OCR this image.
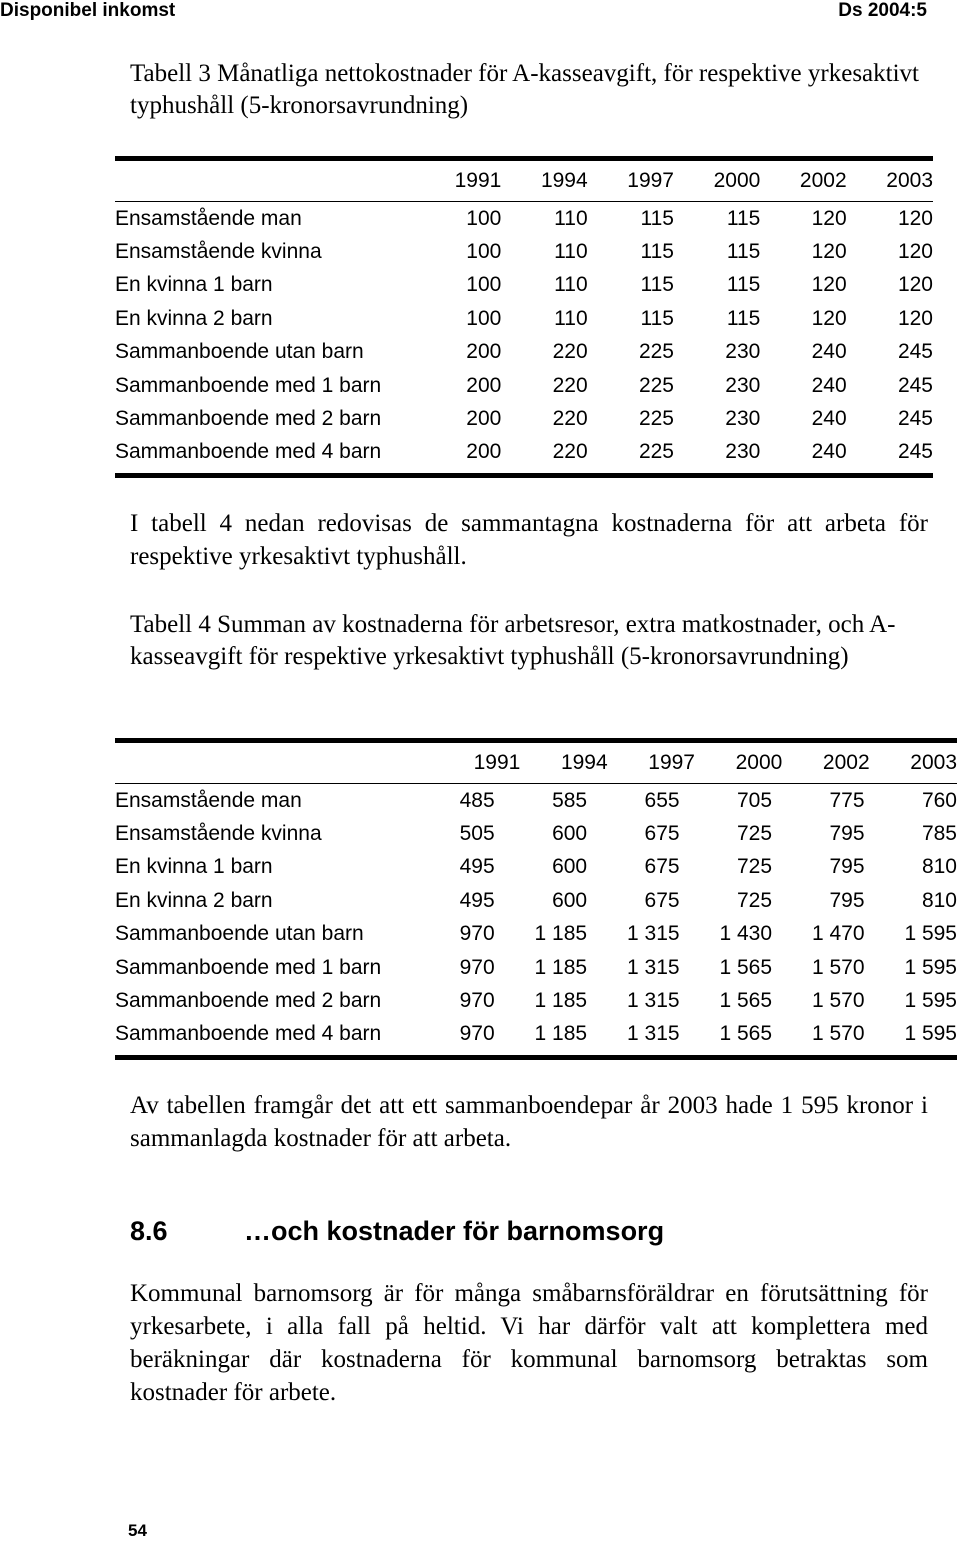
Disponibel inkomst	Ds 2004:5
Tabell 3 Månatliga nettokostnader för A-kasseavgift, för respektive yrkesaktivt typhushåll (5-kronorsavrundning)
	1991	1994	1997	2000	2002	2003
Ensamstående man	100	110	115	115	120	120
Ensamstående kvinna	100	110	115	115	120	120
En kvinna 1 barn	100	110	115	115	120	120
En kvinna 2 barn	100	110	115	115	120	120
Sammanboende utan barn	200	220	225	230	240	245
Sammanboende med 1 barn	200	220	225	230	240	245
Sammanboende med 2 barn	200	220	225	230	240	245
Sammanboende med 4 barn	200	220	225	230	240	245
I tabell 4 nedan redovisas de sammantagna kostnaderna för att arbeta för respektive yrkesaktivt typhushåll.
Tabell 4 Summan av kostnaderna för arbetsresor, extra matkostnader, och A-kasseavgift för respektive yrkesaktivt typhushåll (5-kronorsavrundning)
	1991	1994	1997	2000	2002	2003
Ensamstående man	485	585	655	705	775	760
Ensamstående kvinna	505	600	675	725	795	785
En kvinna 1 barn	495	600	675	725	795	810
En kvinna 2 barn	495	600	675	725	795	810
Sammanboende utan barn	970	1 185	1 315	1 430	1 470	1 595
Sammanboende med 1 barn	970	1 185	1 315	1 565	1 570	1 595
Sammanboende med 2 barn	970	1 185	1 315	1 565	1 570	1 595
Sammanboende med 4 barn	970	1 185	1 315	1 565	1 570	1 595
Av tabellen framgår det att ett sammanboendepar år 2003 hade 1 595 kronor i sammanlagda kostnader för att arbeta.
8.6	…och kostnader för barnomsorg
Kommunal barnomsorg är för många småbarnsföräldrar en förutsättning för yrkesarbete, i alla fall på heltid. Vi har därför valt att komplettera med beräkningar där kostnaderna för kommunal barnomsorg betraktas som kostnader för arbete.
54
